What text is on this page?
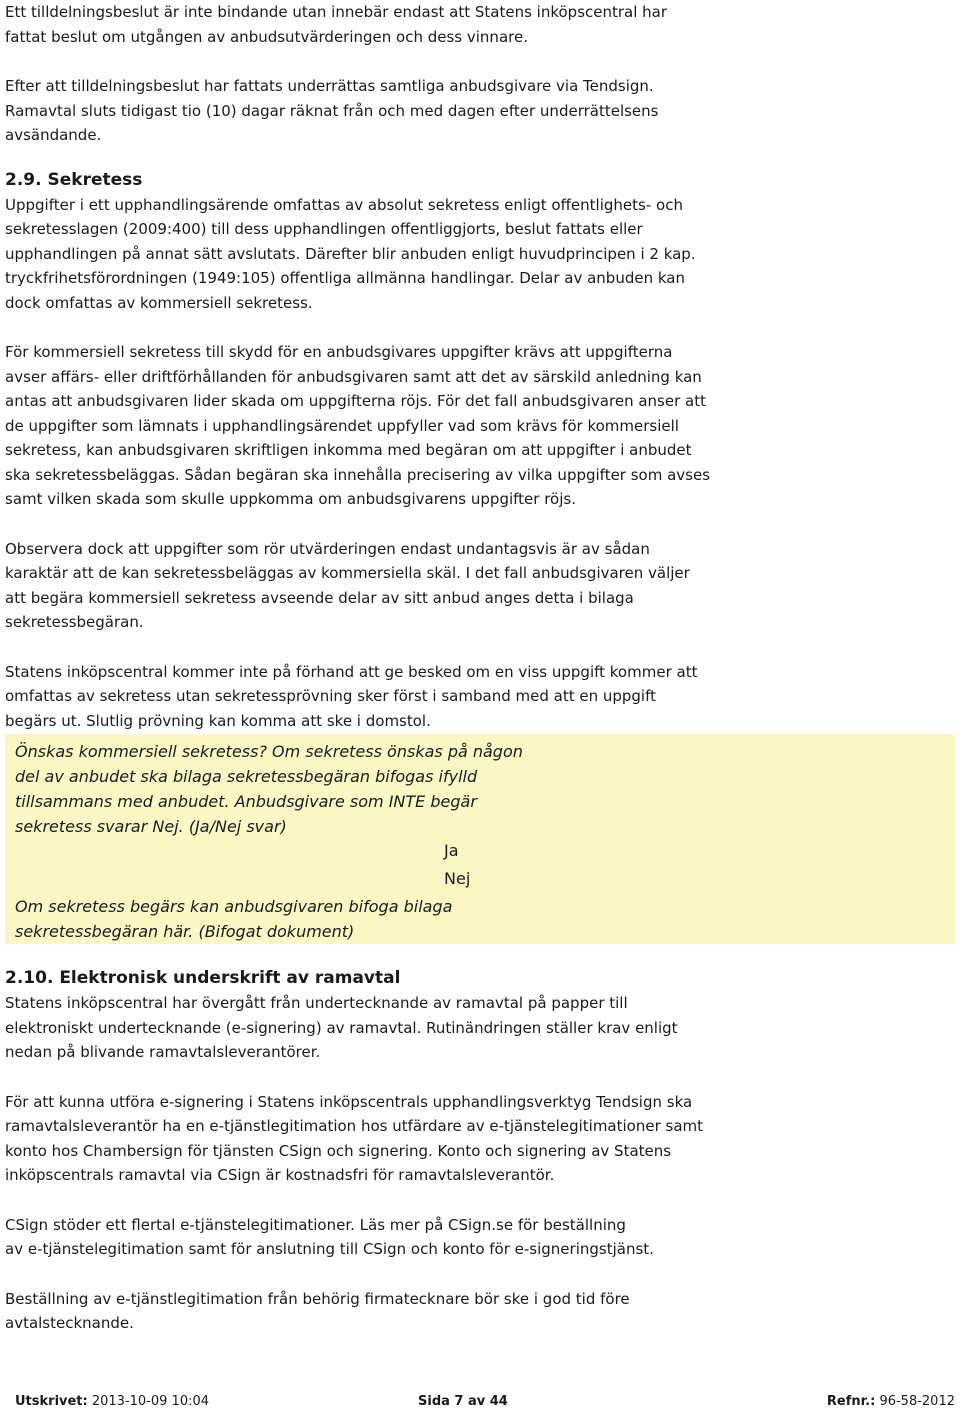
Ett tilldelningsbeslut är inte bindande utan innebär endast att Statens inköpscentral har
fattat beslut om utgången av anbudsutvärderingen och dess vinnare.

Efter att tilldelningsbeslut har fattats underrättas samtliga anbudsgivare via Tendsign.
Ramavtal sluts tidigast tio (10) dagar räknat från och med dagen efter underrättelsens
avsändande.

2.9. Sekretess

Uppgifter i ett upphandlingsärende omfattas av absolut sekretess enligt offentlighets- och
sekretesslagen (2009:400) till dess upphandlingen offentliggjorts, beslut fattats eller
upphandlingen på annat sätt avslutats. Därefter blir anbuden enligt huvudprincipen i 2 kap.
tryckfrihetsförordningen (1949:105) offentliga allmänna handlingar. Delar av anbuden kan
dock omfattas av kommersiell sekretess.

För kommersiell sekretess till skydd för en anbudsgivares uppgifter krävs att uppgifterna
avser affärs- eller driftförhållanden för anbudsgivaren samt att det av särskild anledning kan
antas att anbudsgivaren lider skada om uppgifterna röjs. För det fall anbudsgivaren anser att
de uppgifter som lämnats i upphandlingsärendet uppfyller vad som krävs för kommersiell
sekretess, kan anbudsgivaren skriftligen inkomma med begäran om att uppgifter i anbudet
ska sekretessbeläggas. Sådan begäran ska innehålla precisering av vilka uppgifter som avses
samt vilken skada som skulle uppkomma om anbudsgivarens uppgifter röjs.

Observera dock att uppgifter som rör utvärderingen endast undantagsvis är av sådan
karaktär att de kan sekretessbeläggas av kommersiella skäl. I det fall anbudsgivaren väljer
att begära kommersiell sekretess avseende delar av sitt anbud anges detta i bilaga
sekretessbegäran.

Statens inköpscentral kommer inte på förhand att ge besked om en viss uppgift kommer att
omfattas av sekretess utan sekretessprövning sker först i samband med att en uppgift
begärs ut. Slutlig prövning kan komma att ske i domstol.

Önskas kommersiell sekretess? Om sekretess önskas på någon
del av anbudet ska bilaga sekretessbegäran bifogas ifylld
tillsammans med anbudet. Anbudsgivare som INTE begär
sekretess svarar Nej. (Ja/Nej svar)
Ja
Nej
Om sekretess begärs kan anbudsgivaren bifoga bilaga
sekretessbegäran här. (Bifogat dokument)
2.10. Elektronisk underskrift av ramavtal

Statens inköpscentral har övergått från undertecknande av ramavtal på papper till
elektroniskt undertecknande (e-signering) av ramavtal. Rutinändringen ställer krav enligt
nedan på blivande ramavtalsleverantörer.

För att kunna utföra e-signering i Statens inköpscentrals upphandlingsverktyg Tendsign ska
ramavtalsleverantör ha en e-tjänstlegitimation hos utfärdare av e-tjänstelegitimationer samt
konto hos Chambersign för tjänsten CSign och signering. Konto och signering av Statens
inköpscentrals ramavtal via CSign är kostnadsfri för ramavtalsleverantör.

CSign stöder ett flertal e-tjänstelegitimationer. Läs mer på CSign.se för beställning
av e-tjänstelegitimation samt för anslutning till CSign och konto för e-signeringstjänst.

Beställning av e-tjänstlegitimation från behörig firmatecknare bör ske i god tid före
avtalstecknande.

Utskrivet: 2013-10-09 10:04	Sida 7 av 44	Refnr.: 96-58-2012
